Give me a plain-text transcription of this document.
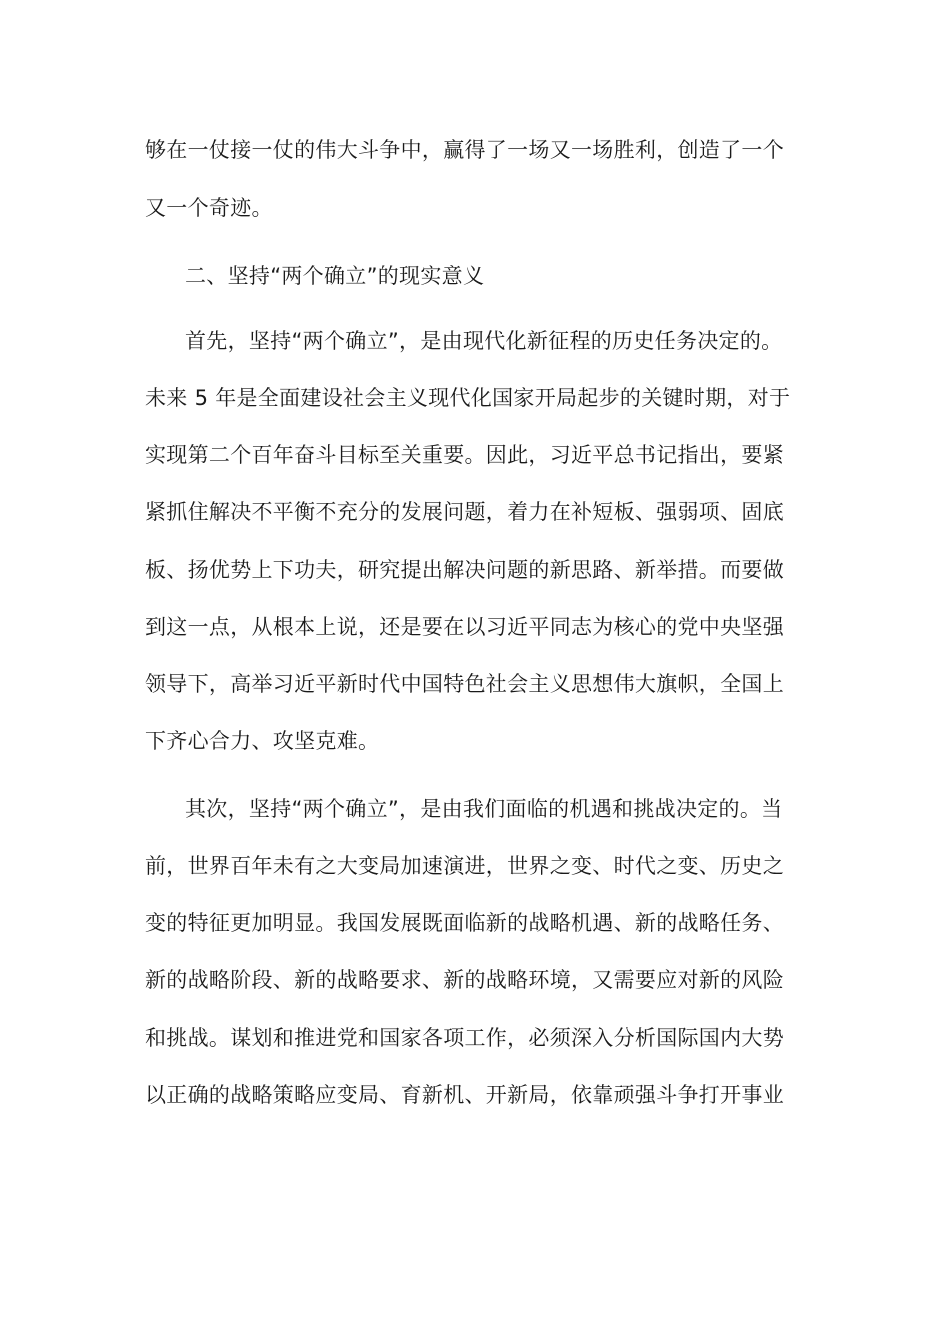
够在一仗接一仗的伟大斗争中，赢得了一场又一场胜利，创造了一个
又一个奇迹。
二、坚持“两个确立”的现实意义
首先，坚持“两个确立”，是由现代化新征程的历史任务决定的。
未来 5 年是全面建设社会主义现代化国家开局起步的关键时期，对于
实现第二个百年奋斗目标至关重要。因此，习近平总书记指出，要紧
紧抓住解决不平衡不充分的发展问题，着力在补短板、强弱项、固底
板、扬优势上下功夫，研究提出解决问题的新思路、新举措。而要做
到这一点，从根本上说，还是要在以习近平同志为核心的党中央坚强
领导下，高举习近平新时代中国特色社会主义思想伟大旗帜，全国上
下齐心合力、攻坚克难。
其次，坚持“两个确立”，是由我们面临的机遇和挑战决定的。当
前，世界百年未有之大变局加速演进，世界之变、时代之变、历史之
变的特征更加明显。我国发展既面临新的战略机遇、新的战略任务、
新的战略阶段、新的战略要求、新的战略环境，又需要应对新的风险
和挑战。谋划和推进党和国家各项工作，必须深入分析国际国内大势
以正确的战略策略应变局、育新机、开新局，依靠顽强斗争打开事业
